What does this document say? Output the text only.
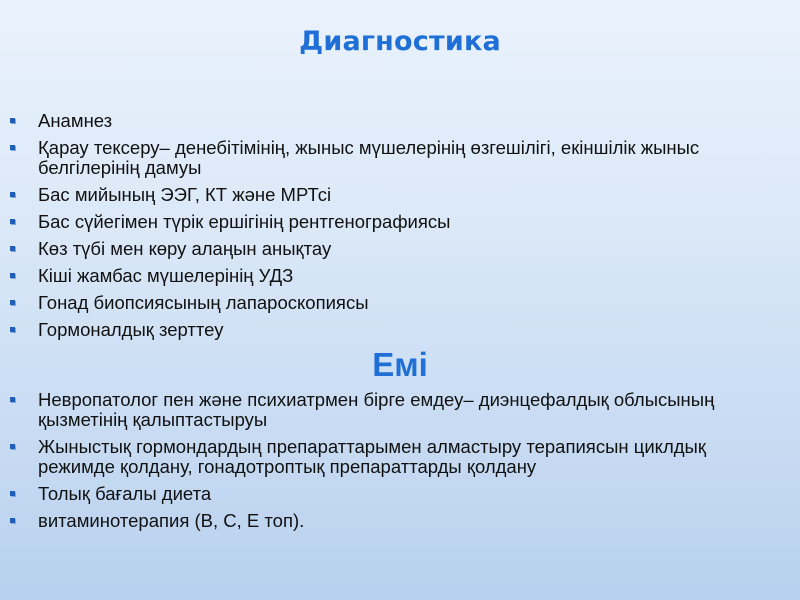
Диагностика
Анамнез
Қарау тексеру– денебітімінің, жыныс мүшелерінің өзгешілігі, екіншілік жыныс белгілерінің дамуы
Бас мийының ЭЭГ, КТ және МРТсі
Бас сүйегімен түрік ершігінің рентгенографиясы
Көз түбі мен көру алаңын анықтау
Кіші жамбас мүшелерінің УДЗ
Гонад биопсиясының лапароскопиясы
Гормоналдық зерттеу
Емі
Невропатолог пен және психиатрмен бірге емдеу– диэнцефалдық облысының қызметінің қалыптастыруы
Жыныстық гормондардың препараттарымен алмастыру терапиясын циклдық режимде қолдану, гонадотроптық препараттарды қолдану
Толық бағалы диета
витаминотерапия (В, С, Е топ).
